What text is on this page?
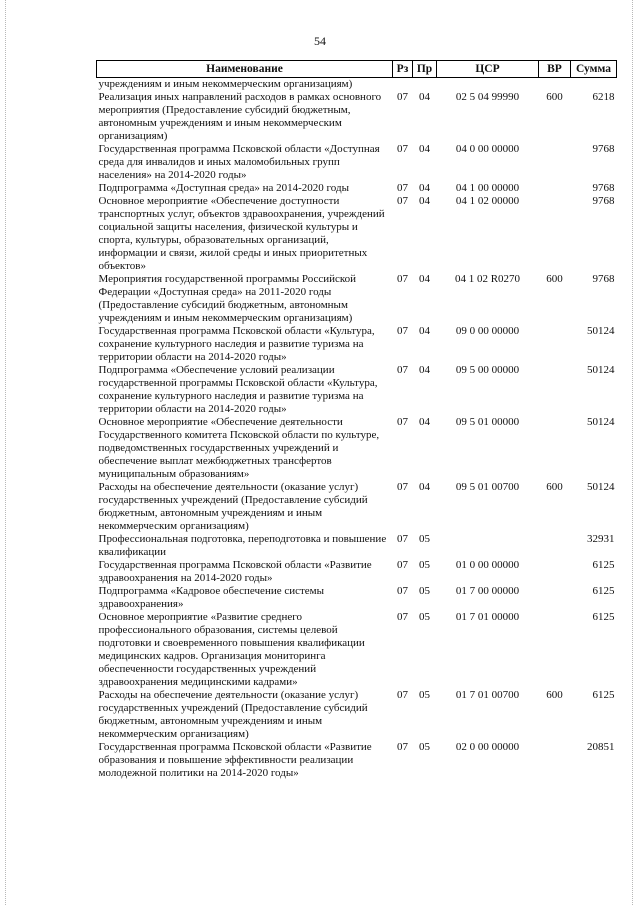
54
Наименование	Рз	Пр	ЦСР	ВР	Сумма
учреждениям и иным некоммерческим организациям)					
Реализация иных направлений расходов в рамках основного мероприятия (Предоставление субсидий бюджетным, автономным учреждениям и иным некоммерческим организациям)	07	04	02 5 04 99990	600	6218
Государственная программа Псковской области «Доступная среда для инвалидов и иных маломобильных групп населения» на 2014-2020 годы»	07	04	04 0 00 00000		9768
Подпрограмма «Доступная среда» на 2014-2020 годы	07	04	04 1 00 00000		9768
Основное мероприятие «Обеспечение доступности транспортных услуг, объектов здравоохранения, учреждений социальной защиты населения, физической культуры и спорта, культуры, образовательных организаций, информации и связи, жилой среды и иных приоритетных объектов»	07	04	04 1 02 00000		9768
Мероприятия государственной программы Российской Федерации «Доступная среда» на 2011-2020 годы (Предоставление субсидий бюджетным, автономным учреждениям и иным некоммерческим организациям)	07	04	04 1 02 R0270	600	9768
Государственная программа Псковской области «Культура, сохранение культурного наследия и развитие туризма на территории области на 2014-2020 годы»	07	04	09 0 00 00000		50124
Подпрограмма «Обеспечение условий реализации государственной программы Псковской области «Культура, сохранение культурного наследия и развитие туризма на территории области на 2014-2020 годы»	07	04	09 5 00 00000		50124
Основное мероприятие «Обеспечение деятельности Государственного комитета Псковской области по культуре, подведомственных государственных учреждений и обеспечение выплат межбюджетных трансфертов муниципальным образованиям»	07	04	09 5 01 00000		50124
Расходы на обеспечение деятельности (оказание услуг) государственных учреждений (Предоставление субсидий бюджетным, автономным учреждениям и иным некоммерческим организациям)	07	04	09 5 01 00700	600	50124
Профессиональная подготовка, переподготовка и повышение квалификации	07	05			32931
Государственная программа Псковской области «Развитие здравоохранения на 2014-2020 годы»	07	05	01 0 00 00000		6125
Подпрограмма «Кадровое обеспечение системы здравоохранения»	07	05	01 7 00 00000		6125
Основное мероприятие «Развитие среднего профессионального образования, системы целевой подготовки и своевременного повышения квалификации медицинских кадров. Организация мониторинга обеспеченности государственных учреждений здравоохранения медицинскими кадрами»	07	05	01 7 01 00000		6125
Расходы на обеспечение деятельности (оказание услуг) государственных учреждений (Предоставление субсидий бюджетным, автономным учреждениям и иным некоммерческим организациям)	07	05	01 7 01 00700	600	6125
Государственная программа Псковской области «Развитие образования и повышение эффективности реализации молодежной политики на 2014-2020 годы»	07	05	02 0 00 00000		20851
